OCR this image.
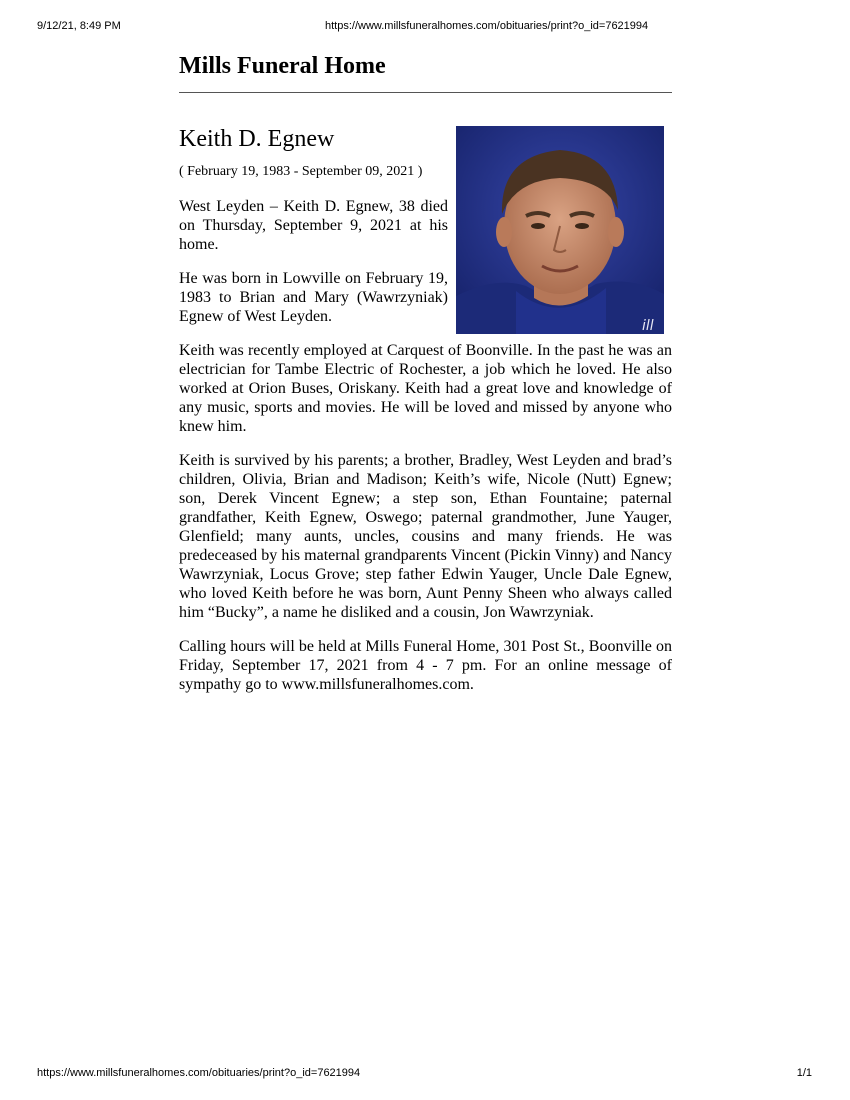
9/12/21, 8:49 PM	https://www.millsfuneralhomes.com/obituaries/print?o_id=7621994
Mills Funeral Home
ill
Keith D. Egnew

( February 19, 1983 - September 09, 2021 )

West Leyden – Keith D. Egnew, 38 died on Thursday, September 9, 2021 at his home.

He was born in Lowville on February 19, 1983 to Brian and Mary (Wawrzyniak) Egnew of West Leyden.

Keith was recently employed at Carquest of Boonville. In the past he was an electrician for Tambe Electric of Rochester, a job which he loved. He also worked at Orion Buses, Oriskany. Keith had a great love and knowledge of any music, sports and movies. He will be loved and missed by anyone who knew him.

Keith is survived by his parents; a brother, Bradley, West Leyden and brad’s children, Olivia, Brian and Madison; Keith’s wife, Nicole (Nutt) Egnew; son, Derek Vincent Egnew; a step son, Ethan Fountaine; paternal grandfather, Keith Egnew, Oswego; paternal grandmother, June Yauger, Glenfield; many aunts, uncles, cousins and many friends. He was predeceased by his maternal grandparents Vincent (Pickin Vinny) and Nancy Wawrzyniak, Locus Grove; step father Edwin Yauger, Uncle Dale Egnew, who loved Keith before he was born, Aunt Penny Sheen who always called him “Bucky”, a name he disliked and a cousin, Jon Wawrzyniak.

Calling hours will be held at Mills Funeral Home, 301 Post St., Boonville on Friday, September 17, 2021 from 4 - 7 pm. For an online message of sympathy go to www.millsfuneralhomes.com.

https://www.millsfuneralhomes.com/obituaries/print?o_id=7621994	1/1
